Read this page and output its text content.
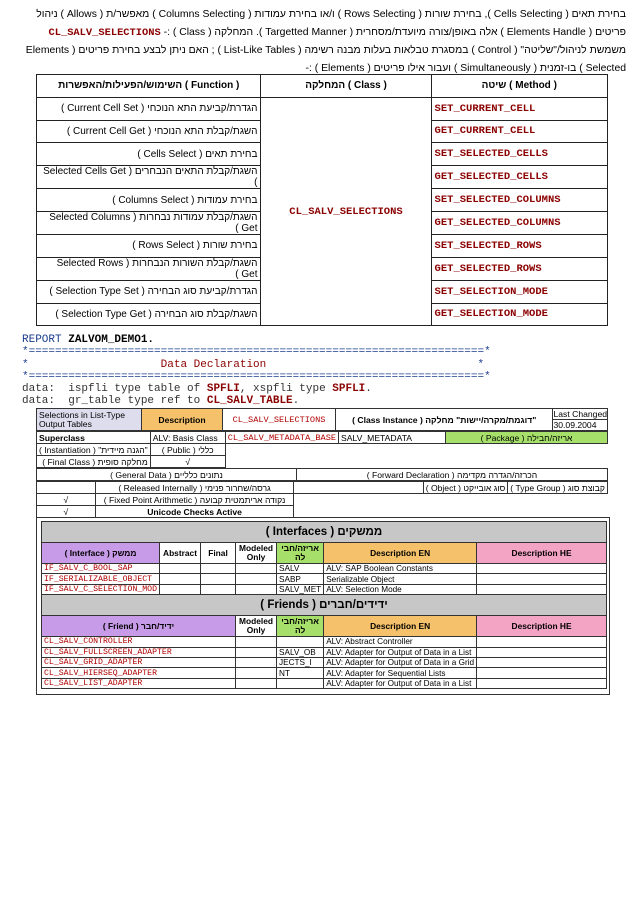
בחירת תאים ( Cells Selecting ), בחירת שורות ( Rows Selecting ) ו/או בחירת עמודות ( Columns Selecting ) מאפשר/ת ( Allows ) ניהול
פריטים ( Elements Handle ) אלה באופן/צורה מיועדת/מסחרית ( Targetted Manner ). המחלקה ( Class ) :- CL_SALV_SELECTIONS
משמשת לניהול/"שליטה" ( Control ) במסגרת טבלאות בעלות מבנה רשימה ( List-Like Tables ) ; האם ניתן לבצע בחירת פריטים ( Elements
Selected ) בו-זמנית ( Simultaneously ) ועבור אילו פריטים ( Elements ) :-
השימוש/הפעילות/האפשרות ( Function )	המחלקה ( Class )	שיטה ( Method )
הגדרת/קביעת התא הנוכחי ( Current Cell Set )	CL_SALV_SELECTIONS	SET_CURRENT_CELL
השגת/קבלת התא הנוכחי ( Current Cell Get )		GET_CURRENT_CELL
בחירת תאים ( Cells Select )		SET_SELECTED_CELLS
השגת/קבלת התאים הנבחרים ( Selected Cells Get )		GET_SELECTED_CELLS
בחירת עמודות ( Columns Select )		SET_SELECTED_COLUMNS
השגת/קבלת עמודות נבחרות ( Selected Columns Get )		GET_SELECTED_COLUMNS
בחירת שורות ( Rows Select )		SET_SELECTED_ROWS
השגת/קבלת השורות הנבחרות ( Selected Rows Get )		GET_SELECTED_ROWS
הגדרת/קביעת סוג הבחירה ( Selection Type Set )		SET_SELECTION_MODE
השגת/קבלת סוג הבחירה ( Selection Type Get )		GET_SELECTION_MODE
REPORT ZALVOM_DEMO1.
*=====================================================================*
*	Data Declaration	*
*=====================================================================*
data: ispfli type table of SPFLI, xspfli type SPFLI.
data: gr_table type ref to CL_SALV_TABLE.
Selections in List-Type Output Tables	Description	CL_SALV_SELECTIONS	"דוגמת/מקרה/יישות" מחלקה ( Class Instance )	
Last Changed
30.09.2004
Superclass	ALV: Basis Class	CL_SALV_METADATA_BASE	SALV_METADATA	אריזה/חבילה ( Package )
"הגנה מיידית" ( Instantiation )	כללי ( Public )			
מחלקה סופית ( Final Class )	√			
נתונים כלליים ( General Data )	הכרזה/הגדרה מקדימה ( Forward Declaration )
	גרסה/שחרור פנימי ( Released Internally )		סוג אובייקט ( Object )	קבוצת סוג ( Type Group )
√	נקודה אריתמטית קבועה ( Fixed Point Arithmetic )			
√	Unicode Checks Active			
ממשקים ( Interfaces )						
ממשק ( Interface )	Abstract	Final	Modeled Only	אריזה/חבי לה	Description EN	Description HE
IF_SALV_C_BOOL_SAP				SALV	ALV: SAP Boolean Constants	
IF_SERIALIZABLE_OBJECT				SABP	Serializable Object	
IF_SALV_C_SELECTION_MOD				SALV_MET	ALV: Selection Mode	
ידידים/חברים ( Friends )						
ידיד/חבר ( Friend )			Modeled Only	אריזה/חבי לה	Description EN	Description HE
CL_SALV_CONTROLLER					ALV: Abstract Controller	
CL_SALV_FULLSCREEN_ADAPTER				SALV_OB	ALV: Adapter for Output of Data in a List	
CL_SALV_GRID_ADAPTER				JECTS_I	ALV: Adapter for Output of Data in a Grid	
CL_SALV_HIERSEQ_ADAPTER				NT	ALV: Adapter for Sequential Lists	
CL_SALV_LIST_ADAPTER					ALV: Adapter for Output of Data in a List	
